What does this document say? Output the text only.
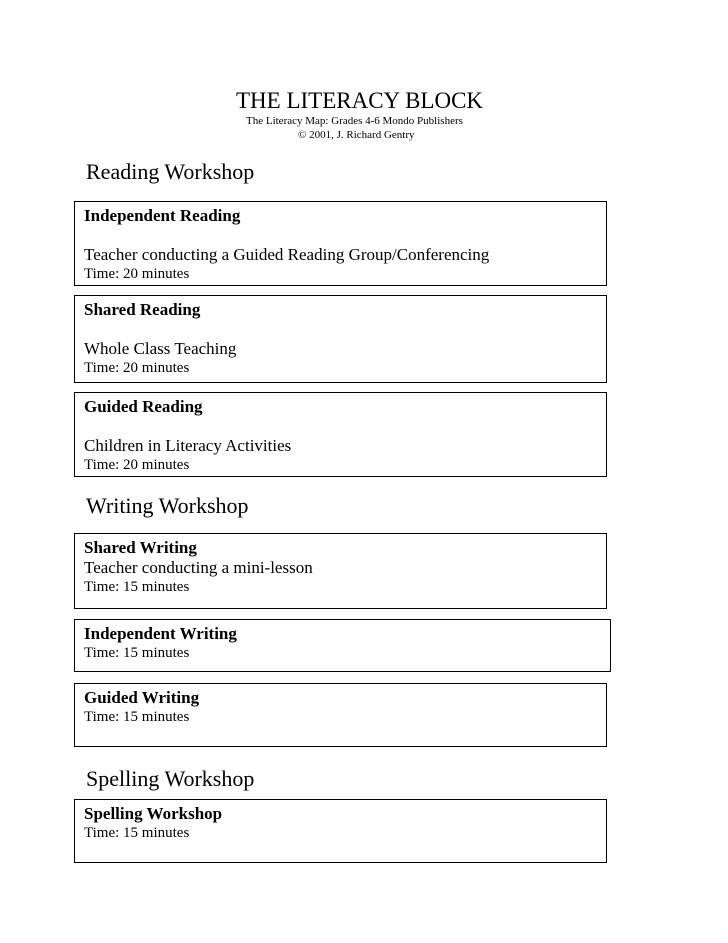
THE LITERACY BLOCK
The Literacy Map: Grades 4-6 Mondo Publishers
© 2001, J. Richard Gentry
Reading Workshop
Independent Reading
Teacher conducting a Guided Reading Group/Conferencing
Time: 20 minutes
Shared Reading
Whole Class Teaching
Time: 20 minutes
Guided Reading
Children in Literacy Activities
Time: 20 minutes
Writing Workshop
Shared Writing
Teacher conducting a mini-lesson
Time: 15 minutes
Independent Writing
Time: 15 minutes
Guided Writing
Time: 15 minutes
Spelling Workshop
Spelling Workshop
Time: 15 minutes
